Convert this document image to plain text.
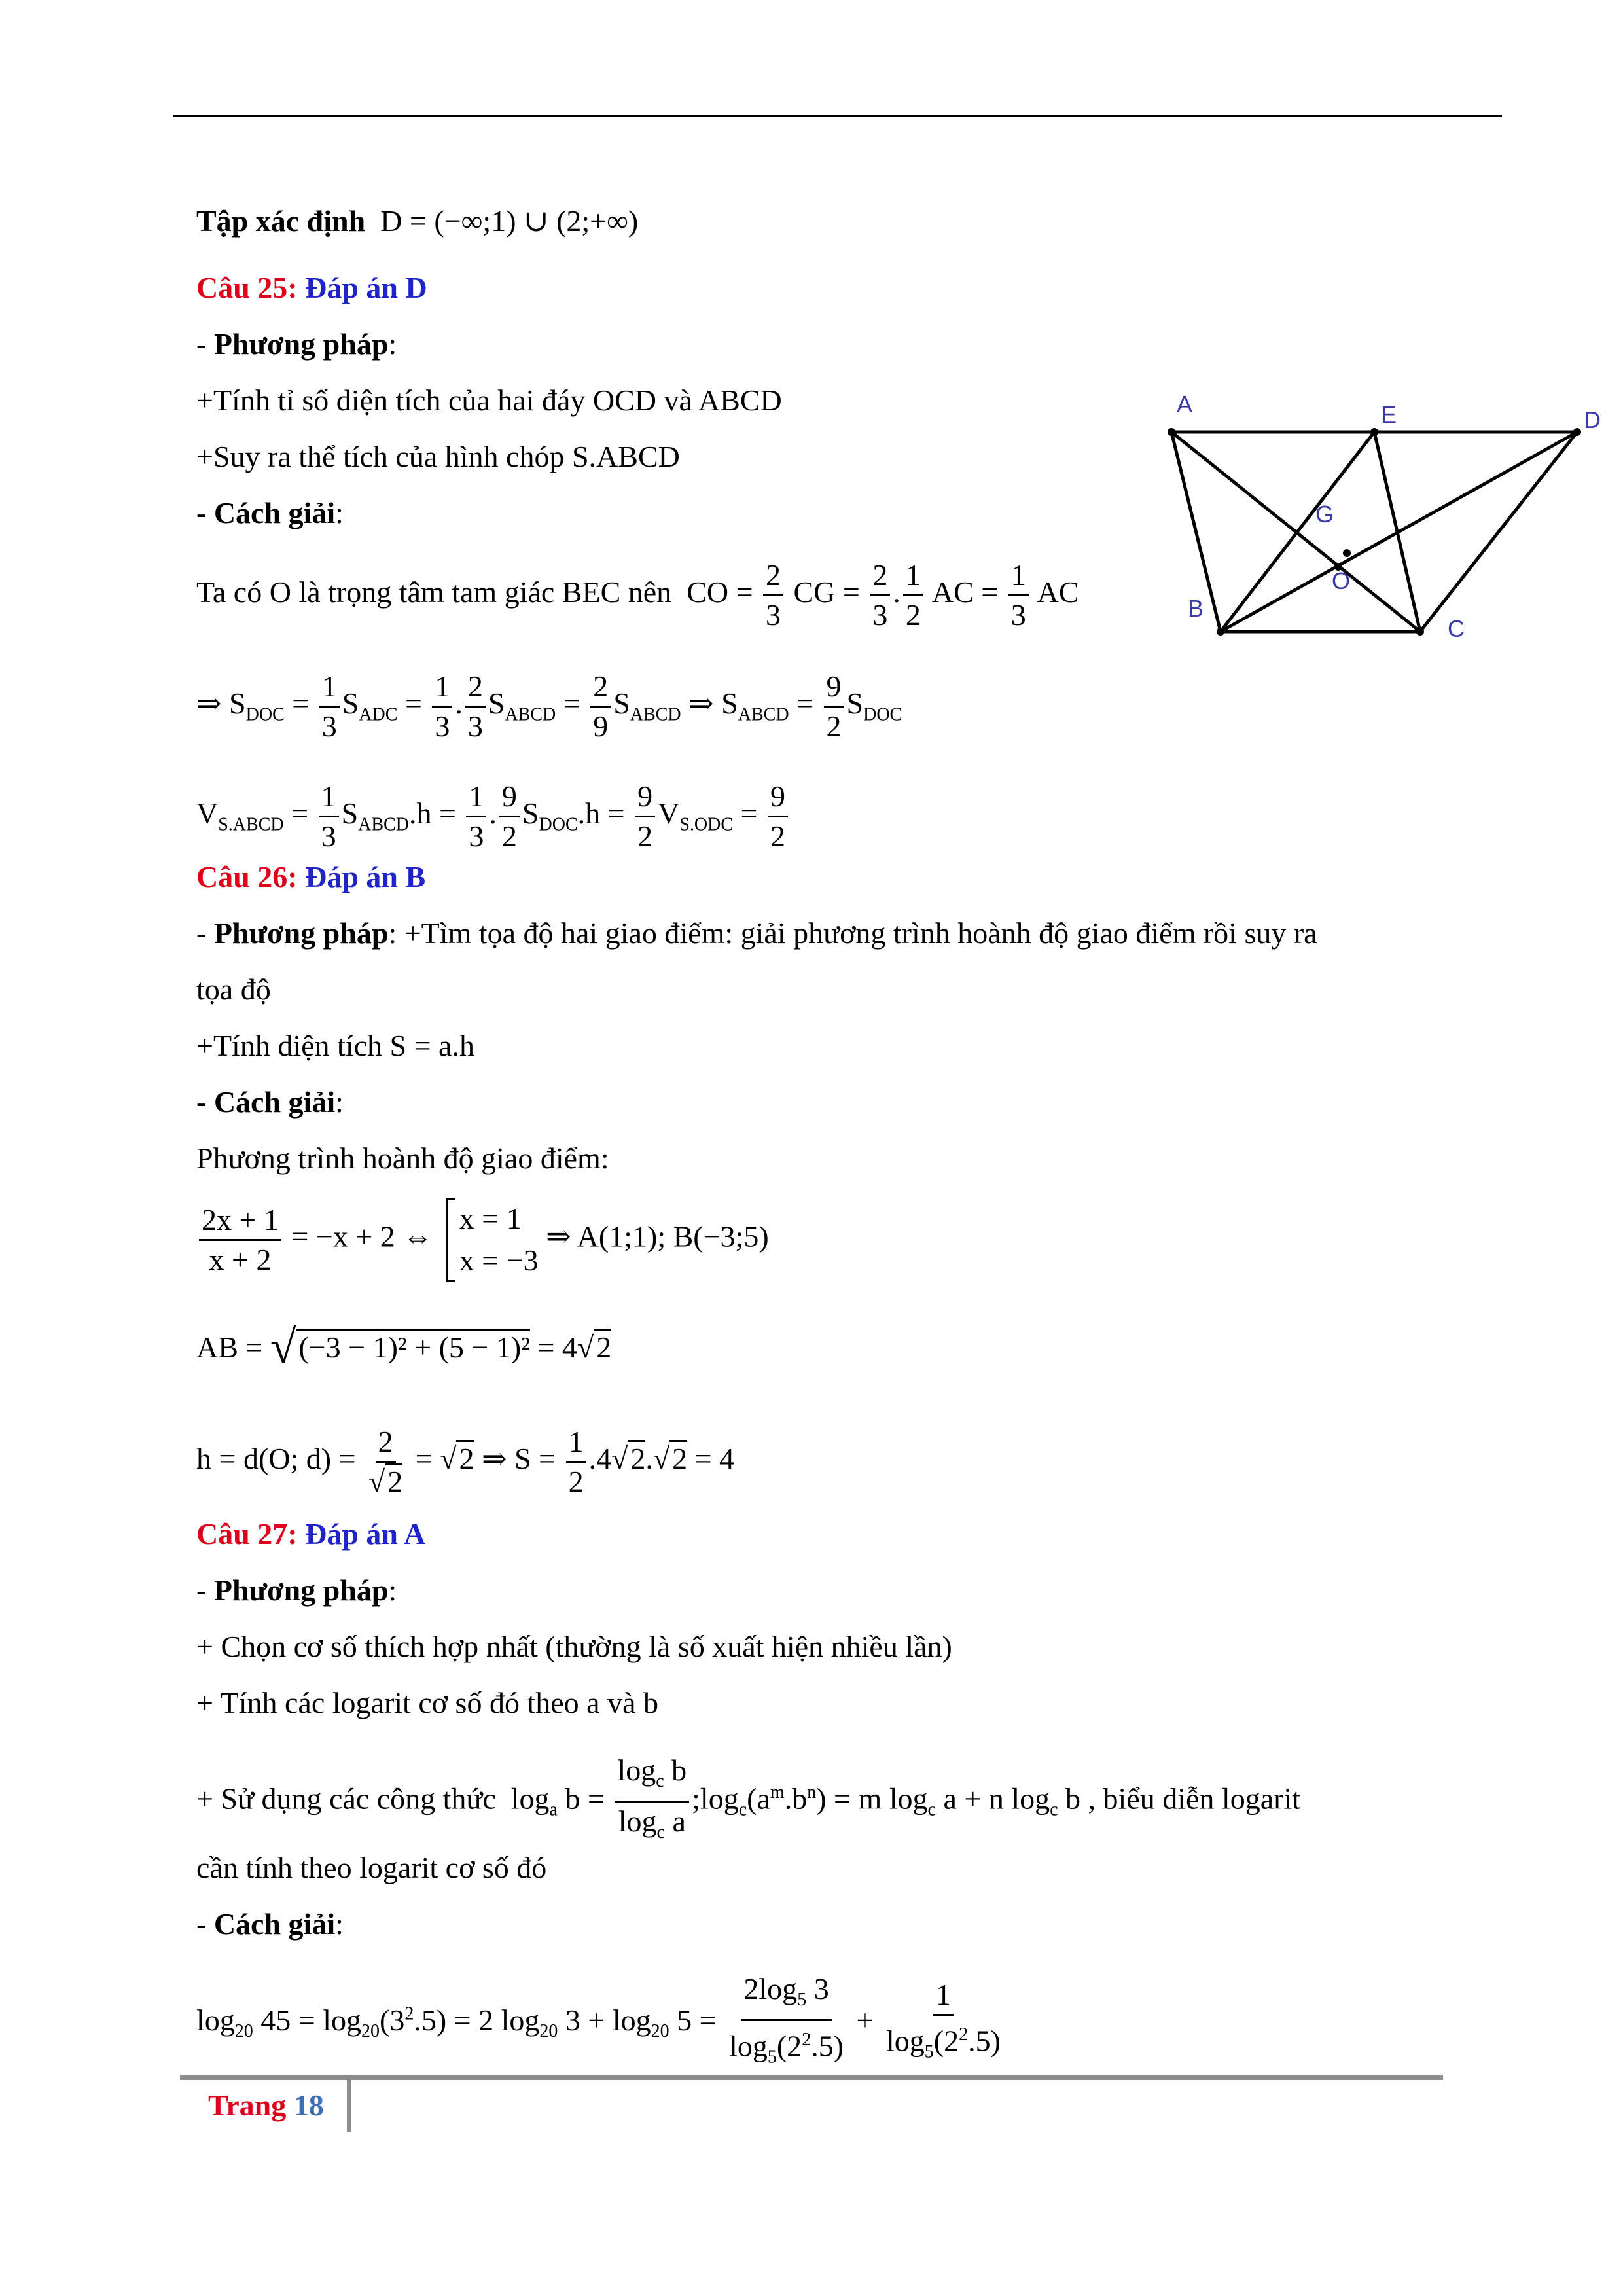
Tập xác định D = (−∞;1) ∪ (2;+∞)
Câu 25: Đáp án D
- Phương pháp:
+Tính tỉ số diện tích của hai đáy OCD và ABCD
+Suy ra thể tích của hình chóp S.ABCD
- Cách giải:
Ta có O là trọng tâm tam giác BEC nên CO = $\frac{2}{3}$ CG = $\frac{2}{3}$ . $\frac{1}{2}$ AC = $\frac{1}{3}$ AC
⇒ $S_{DOC} = \frac{1}{3} S_{ADC} = \frac{1}{3}$ . $\frac{2}{3} S_{ABCD} = \frac{2}{9} S_{ABCD}$ ⇒ $S_{ABCD} = \frac{9}{2} S_{DOC}$
$V_{S.ABCD} = \frac{1}{3} S_{ABCD}.h = \frac{1}{3}$ . $\frac{9}{2} S_{DOC}.h = \frac{9}{2} V_{S.ODC} = \frac{9}{2}$
A	E	D
G
O
B
C
Câu 26: Đáp án B
- Phương pháp: +Tìm tọa độ hai giao điểm: giải phương trình hoành độ giao điểm rồi suy ra
tọa độ
+Tính diện tích S = a.h
- Cách giải:
Phương trình hoành độ giao điểm:
$\frac{2x + 1}{x + 2} = -x + 2$ ⇔
x = 1
x = −3
⇒ A(1;1); B(−3;5)
AB = √(−3 − 1)² + (5 − 1)² = 4√2
h = d(O; $d) = \frac{2}{√2} = √2$ ⇒ $S = \frac{1}{2} .4√2.√2 = 4$
Câu 27: Đáp án A
- Phương pháp:
+ Chọn cơ số thích hợp nhất (thường là số xuất hiện nhiều lần)
+ Tính các logarit cơ số đó theo a và b
+ Sử dụng các công thức $\log_a b = \frac{\log_c b}{\log_c a}$ $;\log_c(a^m.b^n) = m$ $\log_c a + n$ $\log_c b$ , biểu diễn logarit
cần tính theo logarit cơ số đó
- Cách giải:
$\log_{20} 45 = \log_{20}(3^2.5) = 2$ $\log_{20} 3 + \log_{20} 5 = \frac{2\log_5 3}{\log_5(2^2.5)} + \frac{1}{\log_5(2^2.5)}$
Trang 18
